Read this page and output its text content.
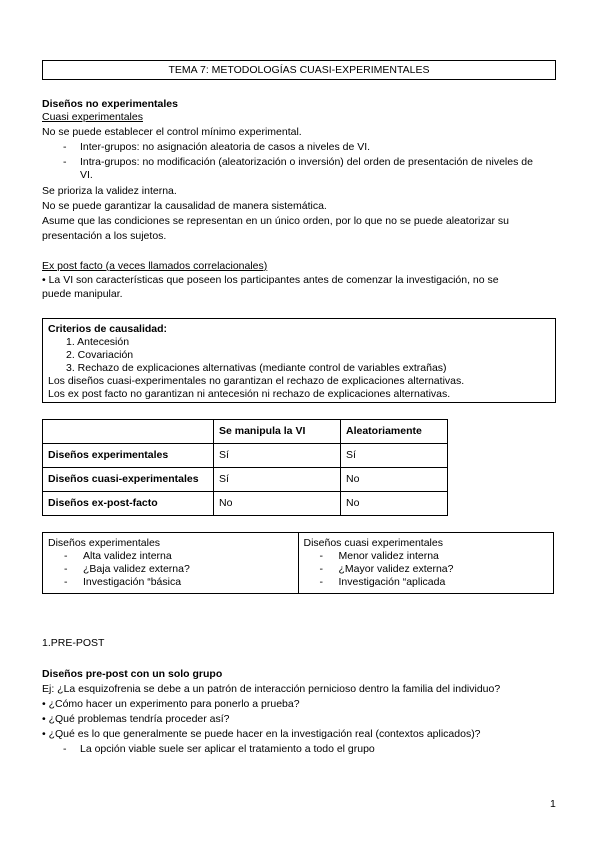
TEMA 7: METODOLOGÍAS CUASI-EXPERIMENTALES
Diseños no experimentales
Cuasi experimentales
No se puede establecer el control mínimo experimental.
- Inter-grupos: no asignación aleatoria de casos a niveles de VI.
- Intra-grupos: no modificación (aleatorización o inversión) del orden de presentación de niveles de
VI.
Se prioriza la validez interna.
No se puede garantizar la causalidad de manera sistemática.
Asume que las condiciones se representan en un único orden, por lo que no se puede aleatorizar su
presentación a los sujetos.
Ex post facto (a veces llamados correlacionales)
• La VI son características que poseen los participantes antes de comenzar la investigación, no se
puede manipular.
Criterios de causalidad:
1. Antecesión
2. Covariación
3. Rechazo de explicaciones alternativas (mediante control de variables extrañas)
Los diseños cuasi-experimentales no garantizan el rechazo de explicaciones alternativas.
Los ex post facto no garantizan ni antecesión ni rechazo de explicaciones alternativas.
	Se manipula la VI	Aleatoriamente
Diseños experimentales	Sí	Sí
Diseños cuasi-experimentales	Sí	No
Diseños ex-post-facto	No	No
Diseños experimentales
- Alta validez interna
- ¿Baja validez externa?
- Investigación “básica
Diseños cuasi experimentales
- Menor validez interna
- ¿Mayor validez externa?
- Investigación “aplicada
1.PRE-POST
Diseños pre-post con un solo grupo
Ej: ¿La esquizofrenia se debe a un patrón de interacción pernicioso dentro la familia del individuo?
• ¿Cómo hacer un experimento para ponerlo a prueba?
• ¿Qué problemas tendría proceder así?
• ¿Qué es lo que generalmente se puede hacer en la investigación real (contextos aplicados)?
- La opción viable suele ser aplicar el tratamiento a todo el grupo
1
